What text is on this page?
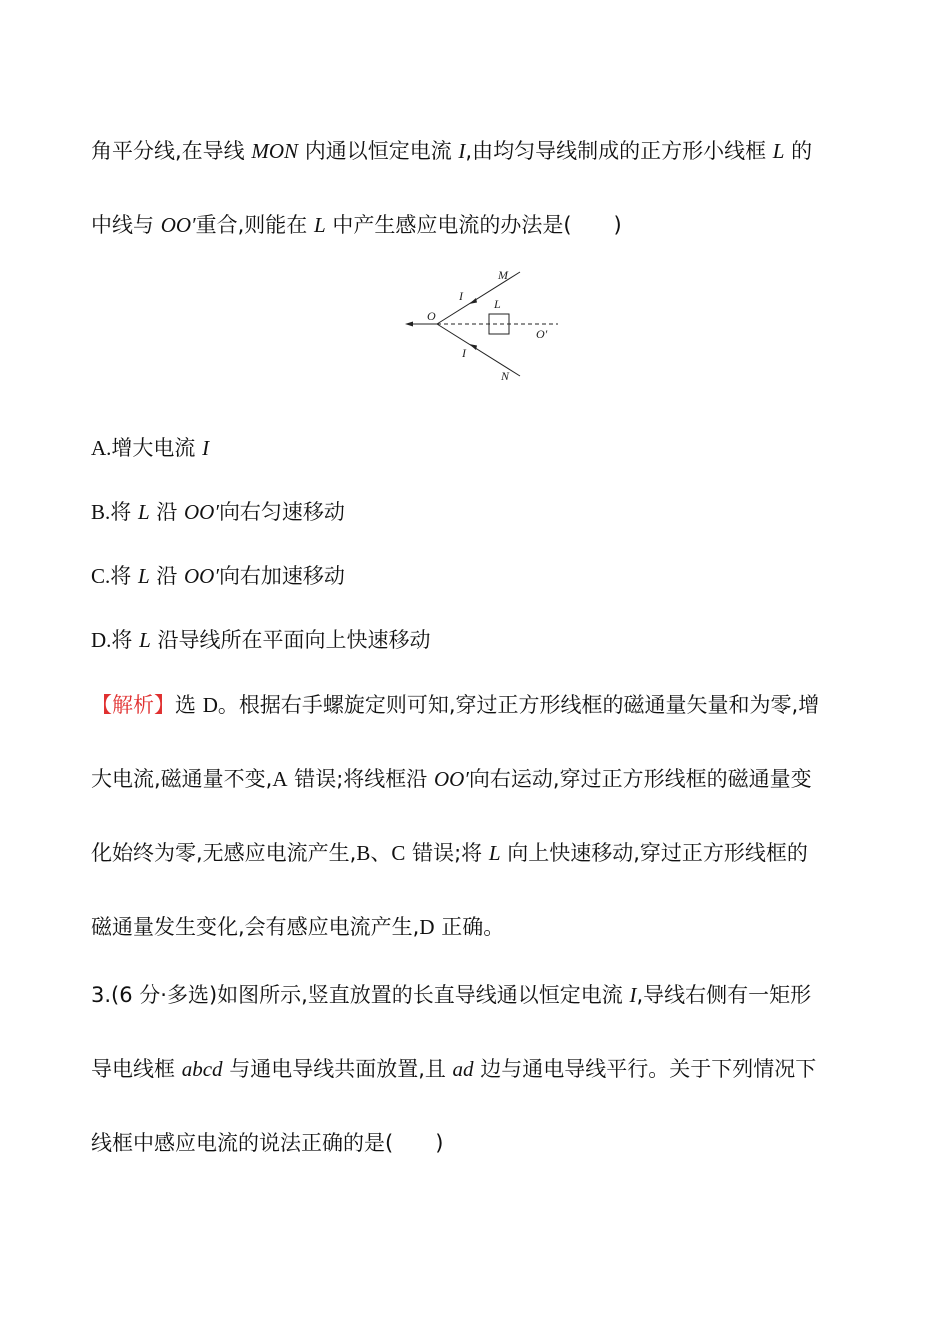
角平分线,在导线 MON 内通以恒定电流 I,由均匀导线制成的正方形小线框 L 的
中线与 OO′重合,则能在 L 中产生感应电流的办法是(　　)
M
I
L
O
O′
I
N
A.增大电流 I
B.将 L 沿 OO′向右匀速移动
C.将 L 沿 OO′向右加速移动
D.将 L 沿导线所在平面向上快速移动
【解析】选 D。根据右手螺旋定则可知,穿过正方形线框的磁通量矢量和为零,增
大电流,磁通量不变,A 错误;将线框沿 OO′向右运动,穿过正方形线框的磁通量变
化始终为零,无感应电流产生,B、C 错误;将 L 向上快速移动,穿过正方形线框的
磁通量发生变化,会有感应电流产生,D 正确。
3.(6 分·多选)如图所示,竖直放置的长直导线通以恒定电流 I,导线右侧有一矩形
导电线框 abcd 与通电导线共面放置,且 ad 边与通电导线平行。关于下列情况下
线框中感应电流的说法正确的是(　　)
